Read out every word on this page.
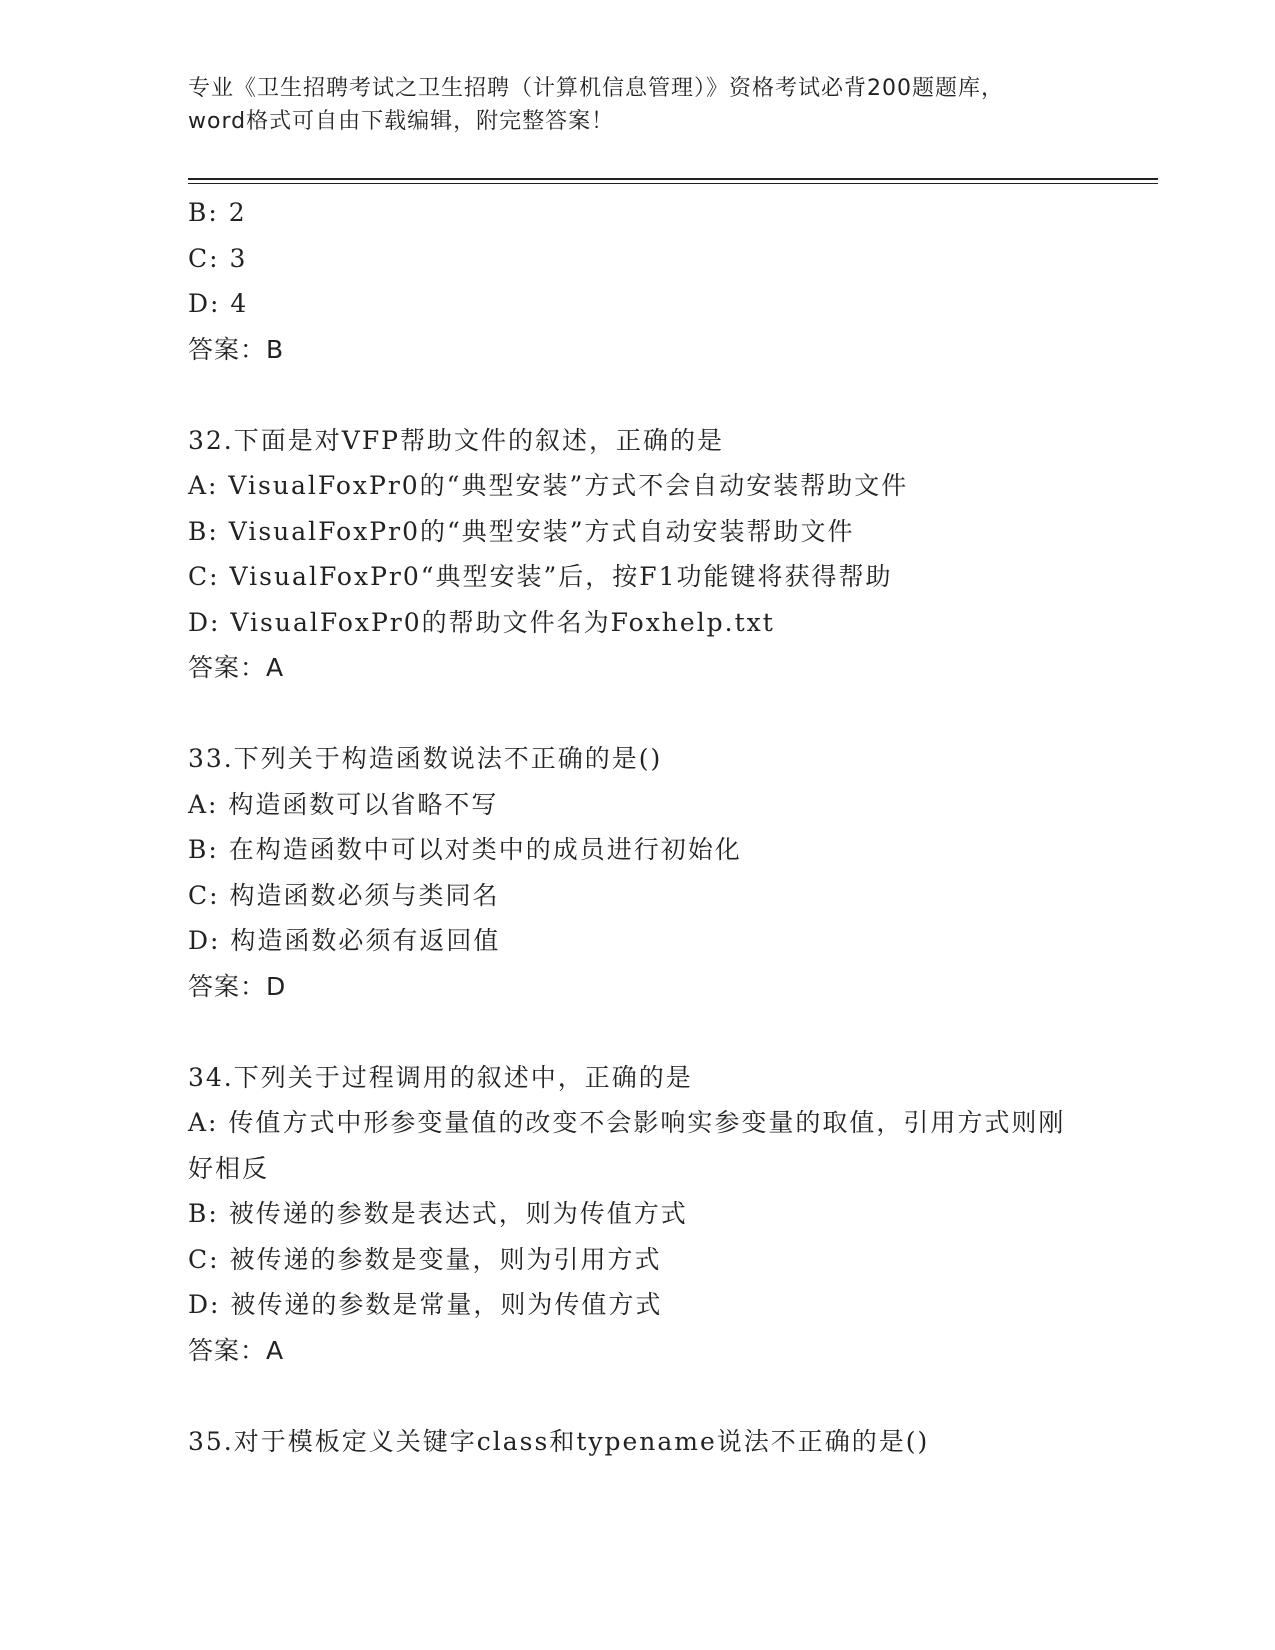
专业《卫生招聘考试之卫生招聘（计算机信息管理）》资格考试必背200题题库，
word格式可自由下载编辑，附完整答案！
B: 2
C: 3
D: 4
答案：B
32.下面是对VFP帮助文件的叙述，正确的是
A: VisualFoxPr0的“典型安装”方式不会自动安装帮助文件
B: VisualFoxPr0的“典型安装”方式自动安装帮助文件
C: VisualFoxPr0“典型安装”后，按F1功能键将获得帮助
D: VisualFoxPr0的帮助文件名为Foxhelp.txt
答案：A
33.下列关于构造函数说法不正确的是()
A: 构造函数可以省略不写
B: 在构造函数中可以对类中的成员进行初始化
C: 构造函数必须与类同名
D: 构造函数必须有返回值
答案：D
34.下列关于过程调用的叙述中，正确的是
A: 传值方式中形参变量值的改变不会影响实参变量的取值，引用方式则刚好相反
B: 被传递的参数是表达式，则为传值方式
C: 被传递的参数是变量，则为引用方式
D: 被传递的参数是常量，则为传值方式
答案：A
35.对于模板定义关键字class和typename说法不正确的是()
